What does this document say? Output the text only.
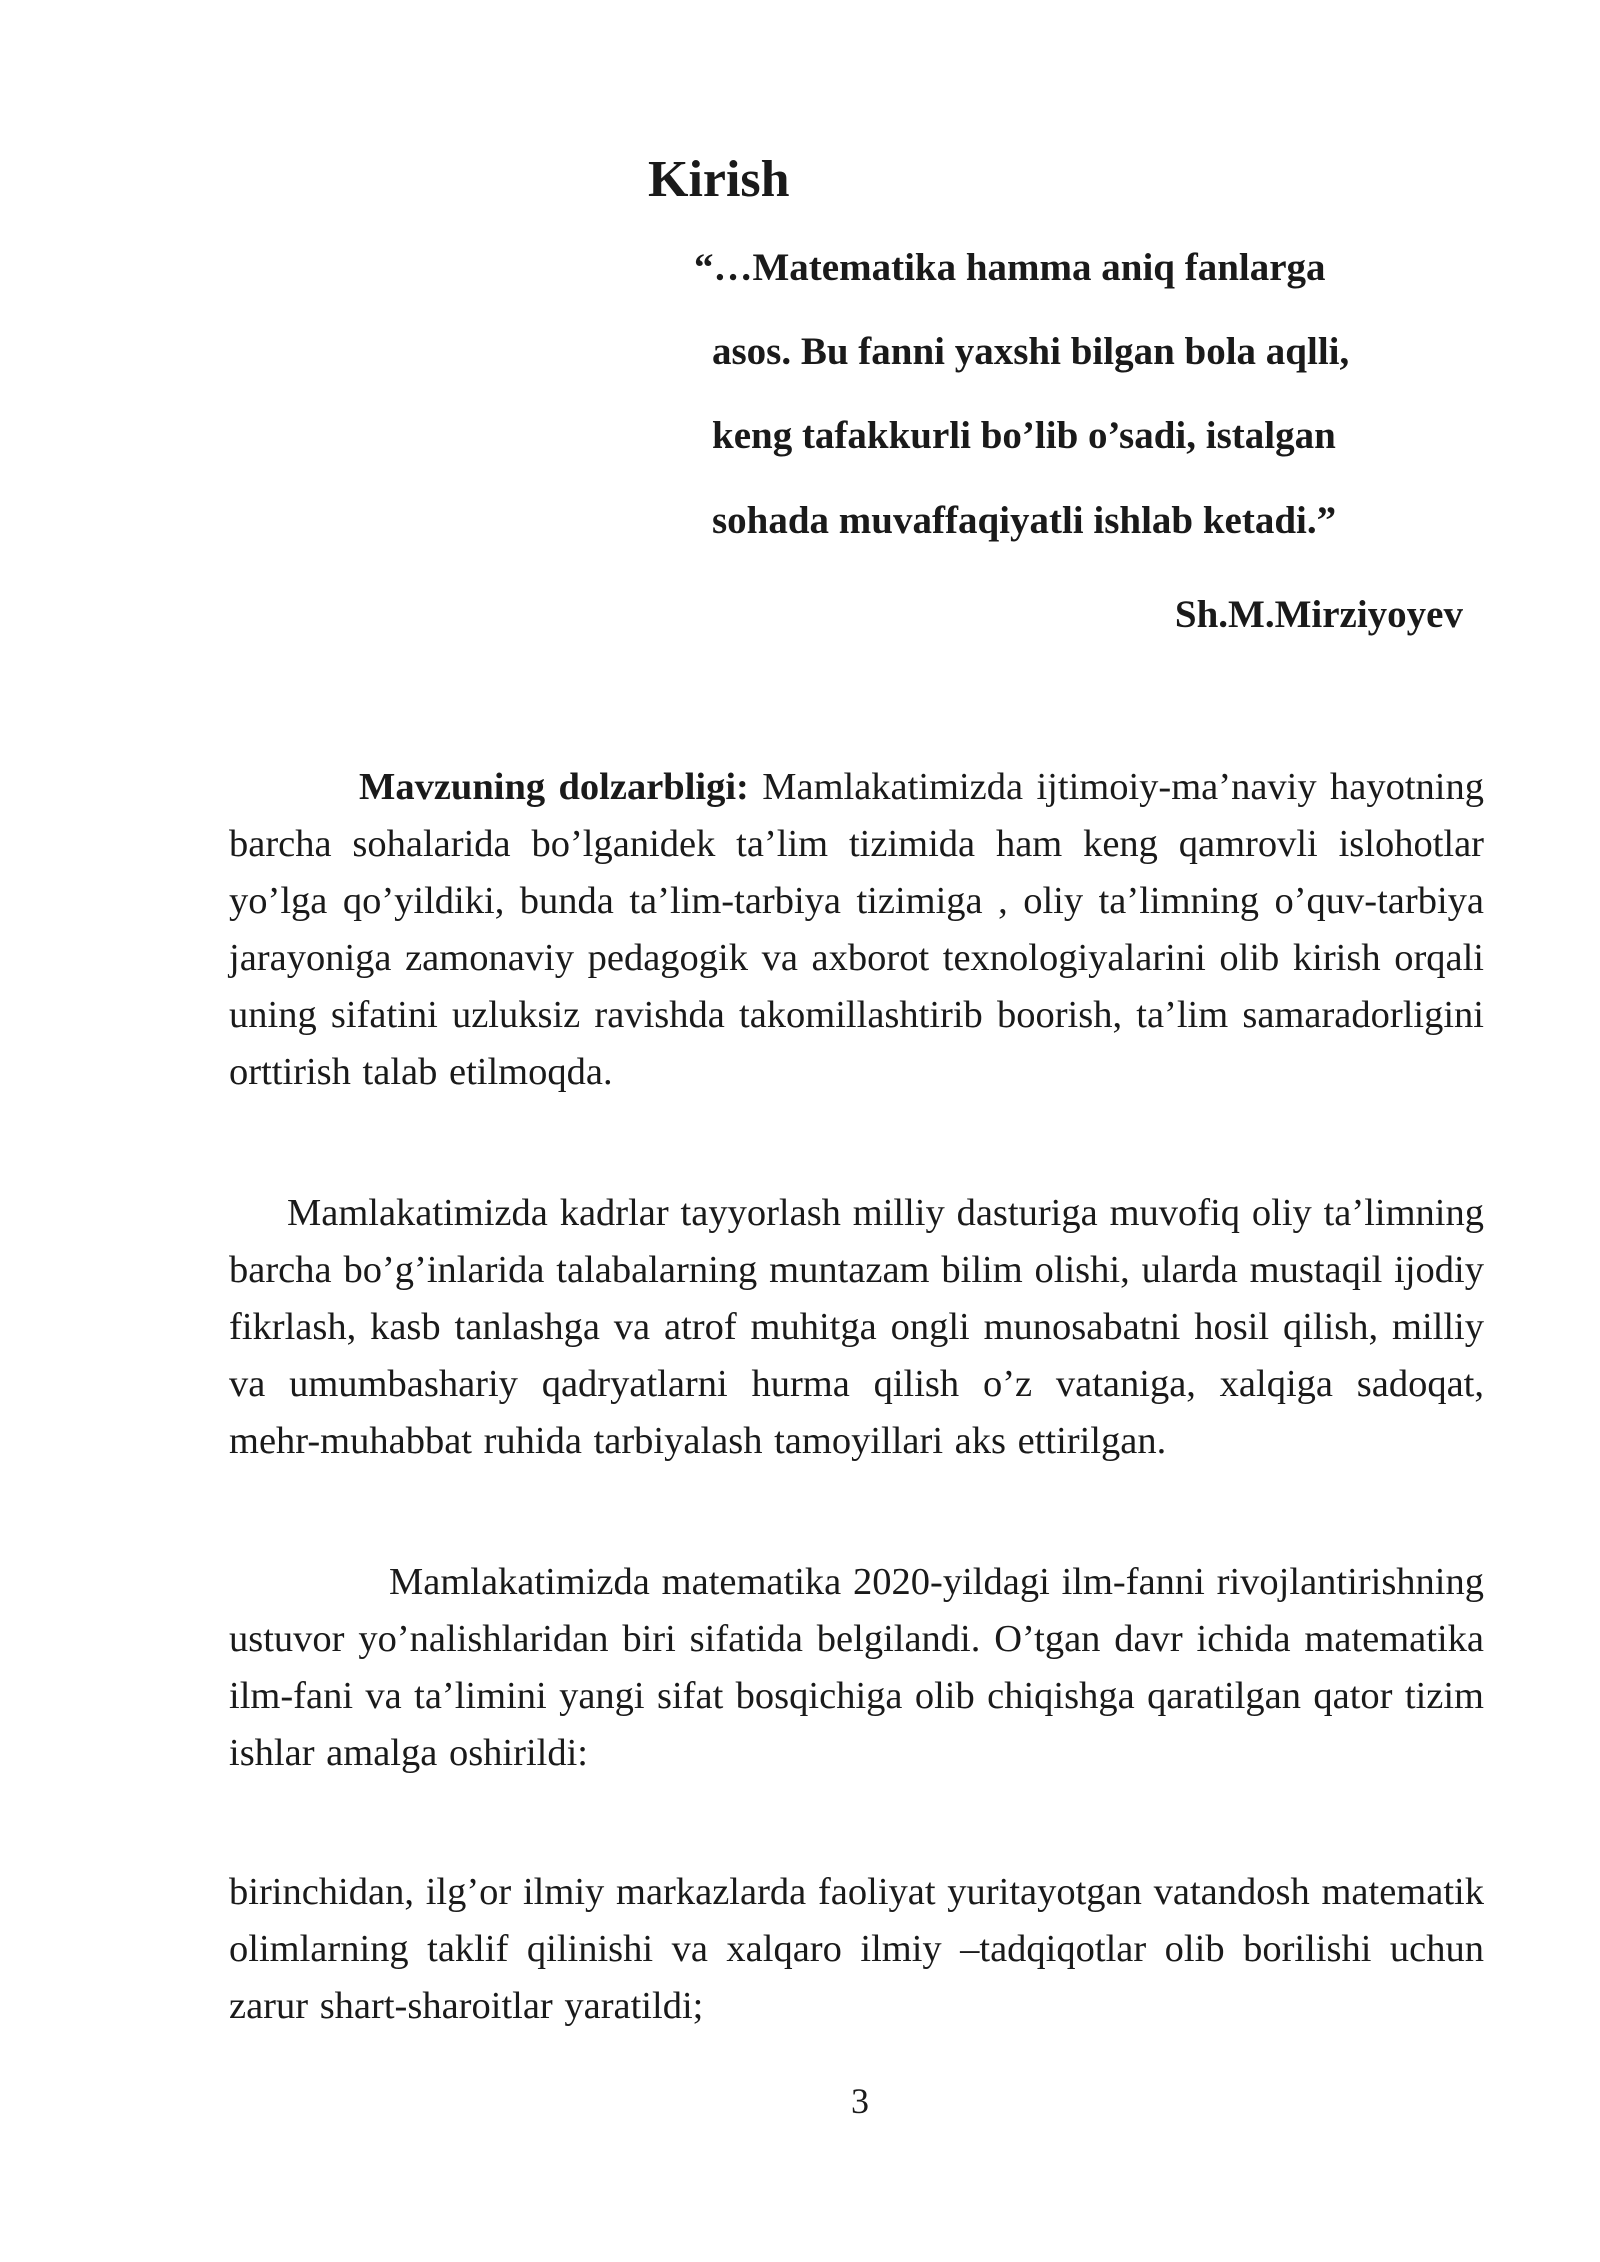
Kirish
“…Matematika hamma aniq fanlarga
asos. Bu fanni yaxshi bilgan bola aqlli,
keng tafakkurli bo’lib o’sadi, istalgan
sohada muvaffaqiyatli ishlab ketadi.”
Sh.M.Mirziyoyev

Mavzuning dolzarbligi: Mamlakatimizda ijtimoiy-ma’naviy hayotning barcha sohalarida bo’lganidek ta’lim tizimida ham keng qamrovli islohotlar yo’lga qo’yildiki, bunda ta’lim-tarbiya tizimiga , oliy ta’limning o’quv-tarbiya jarayoniga zamonaviy pedagogik va axborot texnologiyalarini olib kirish orqali uning sifatini uzluksiz ravishda takomillashtirib boorish, ta’lim samaradorligini orttirish talab etilmoqda.

Mamlakatimizda kadrlar tayyorlash milliy dasturiga muvofiq oliy ta’limning barcha bo’g’inlarida talabalarning muntazam bilim olishi, ularda mustaqil ijodiy fikrlash, kasb tanlashga va atrof muhitga ongli munosabatni hosil qilish, milliy va umumbashariy qadryatlarni hurma qilish o’z vataniga, xalqiga sadoqat, mehr-muhabbat ruhida tarbiyalash tamoyillari aks ettirilgan.

Mamlakatimizda matematika 2020-yildagi ilm-fanni rivojlantirishning ustuvor yo’nalishlaridan biri sifatida belgilandi. O’tgan davr ichida matematika ilm-fani va ta’limini yangi sifat bosqichiga olib chiqishga qaratilgan qator tizim ishlar amalga oshirildi:

birinchidan, ilg’or ilmiy markazlarda faoliyat yuritayotgan vatandosh matematik olimlarning taklif qilinishi va xalqaro ilmiy –tadqiqotlar olib borilishi uchun zarur shart-sharoitlar yaratildi;

3
